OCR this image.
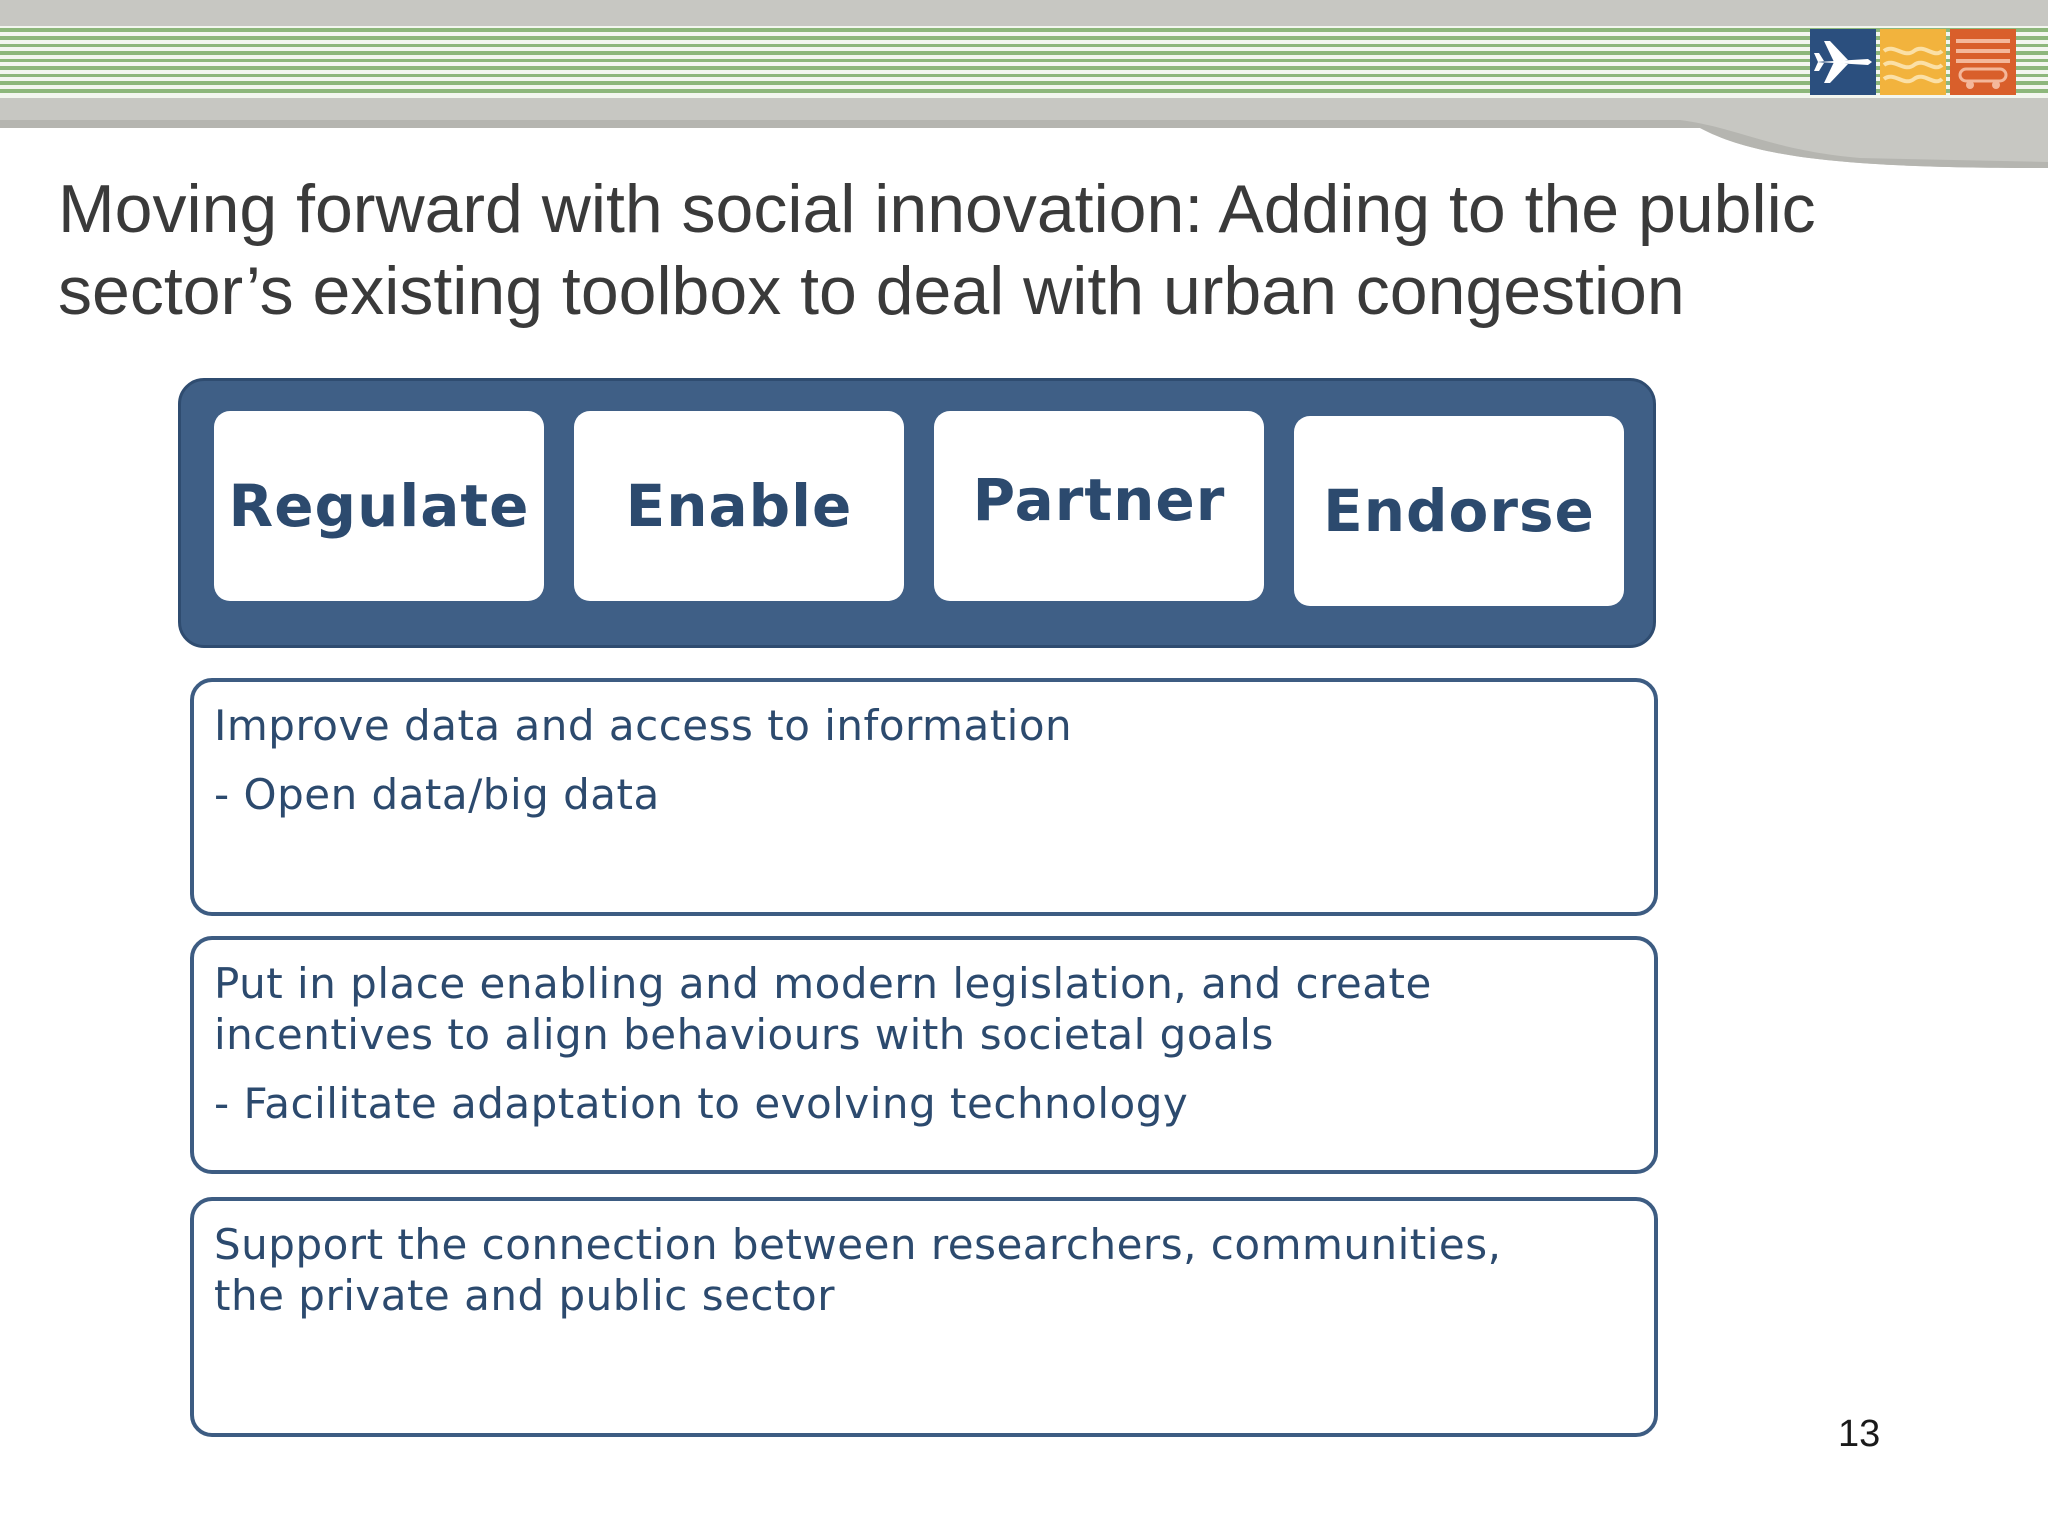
Moving forward with social innovation: Adding to the public sector’s existing toolbox to deal with urban congestion
Regulate Enable Partner Endorse

Improve data and access to information

- Open data/big data

Put in place enabling and modern legislation, and create
incentives to align behaviours with societal goals

- Facilitate adaptation to evolving technology

Support the connection between researchers, communities,
the private and public sector

13
